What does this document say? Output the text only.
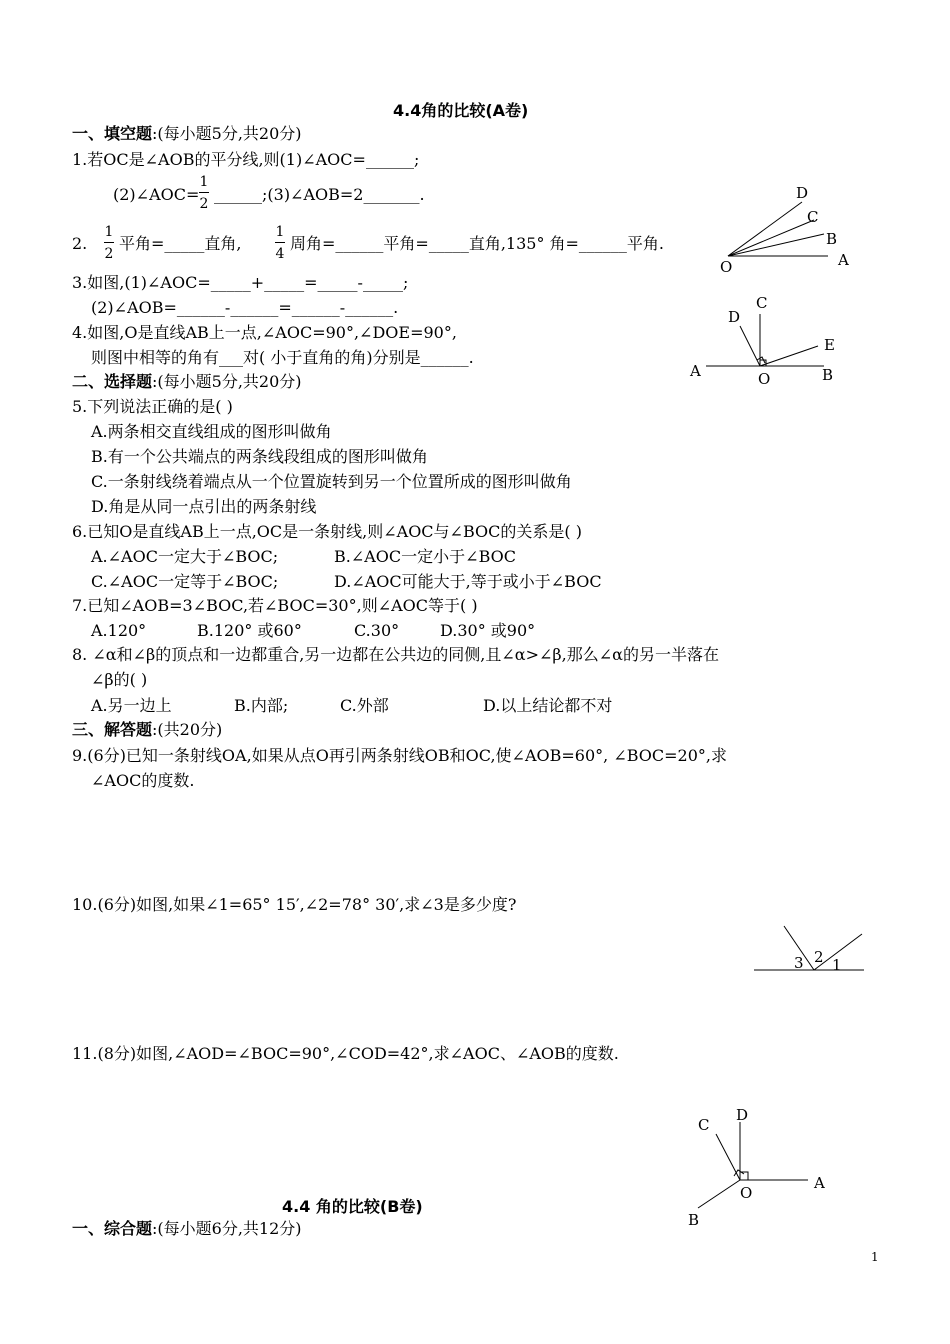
4.4角的比较(A卷)
一、填空题:(每小题5分,共20分)
1.若OC是∠AOB的平分线,则(1)∠AOC=______;
(2)∠AOC=
1
2 ______;(3)∠AOB=2_______.
2.
1
2
平角=_____直角,
1
4
周角=______平角=_____直角,135° 角=______平角.
3.如图,(1)∠AOC=_____+_____=_____-_____;
(2)∠AOB=______-______=______-______.
4.如图,O是直线AB上一点,∠AOC=90°,∠DOE=90°,
则图中相等的角有___对( 小于直角的角)分别是______.
二、选择题:(每小题5分,共20分)
5.下列说法正确的是( )
A.两条相交直线组成的图形叫做角
B.有一个公共端点的两条线段组成的图形叫做角
C.一条射线绕着端点从一个位置旋转到另一个位置所成的图形叫做角
D.角是从同一点引出的两条射线
6.已知O是直线AB上一点,OC是一条射线,则∠AOC与∠BOC的关系是( )
A.∠AOC一定大于∠BOC;	B.∠AOC一定小于∠BOC
C.∠AOC一定等于∠BOC;	D.∠AOC可能大于,等于或小于∠BOC
7.已知∠AOB=3∠BOC,若∠BOC=30°,则∠AOC等于( )
A.120°	B.120° 或60°	C.30°	D.30° 或90°
8. ∠α和∠β的顶点和一边都重合,另一边都在公共边的同侧,且∠α>∠β,那么∠α的另一半落在
∠β的( )
A.另一边上	B.内部;	C.外部	D.以上结论都不对
三、解答题:(共20分)
9.(6分)已知一条射线OA,如果从点O再引两条射线OB和OC,使∠AOB=60°, ∠BOC=20°,求
∠AOC的度数.
10.(6分)如图,如果∠1=65° 15′,∠2=78° 30′,求∠3是多少度?
11.(8分)如图,∠AOD=∠BOC=90°,∠COD=42°,求∠AOC、∠AOB的度数.
4.4 角的比较(B卷)
一、综合题:(每小题6分,共12分)
D
C
B
A
O
C
D
E
A	O	B
3 2 1
D
C
A
O
B
1
